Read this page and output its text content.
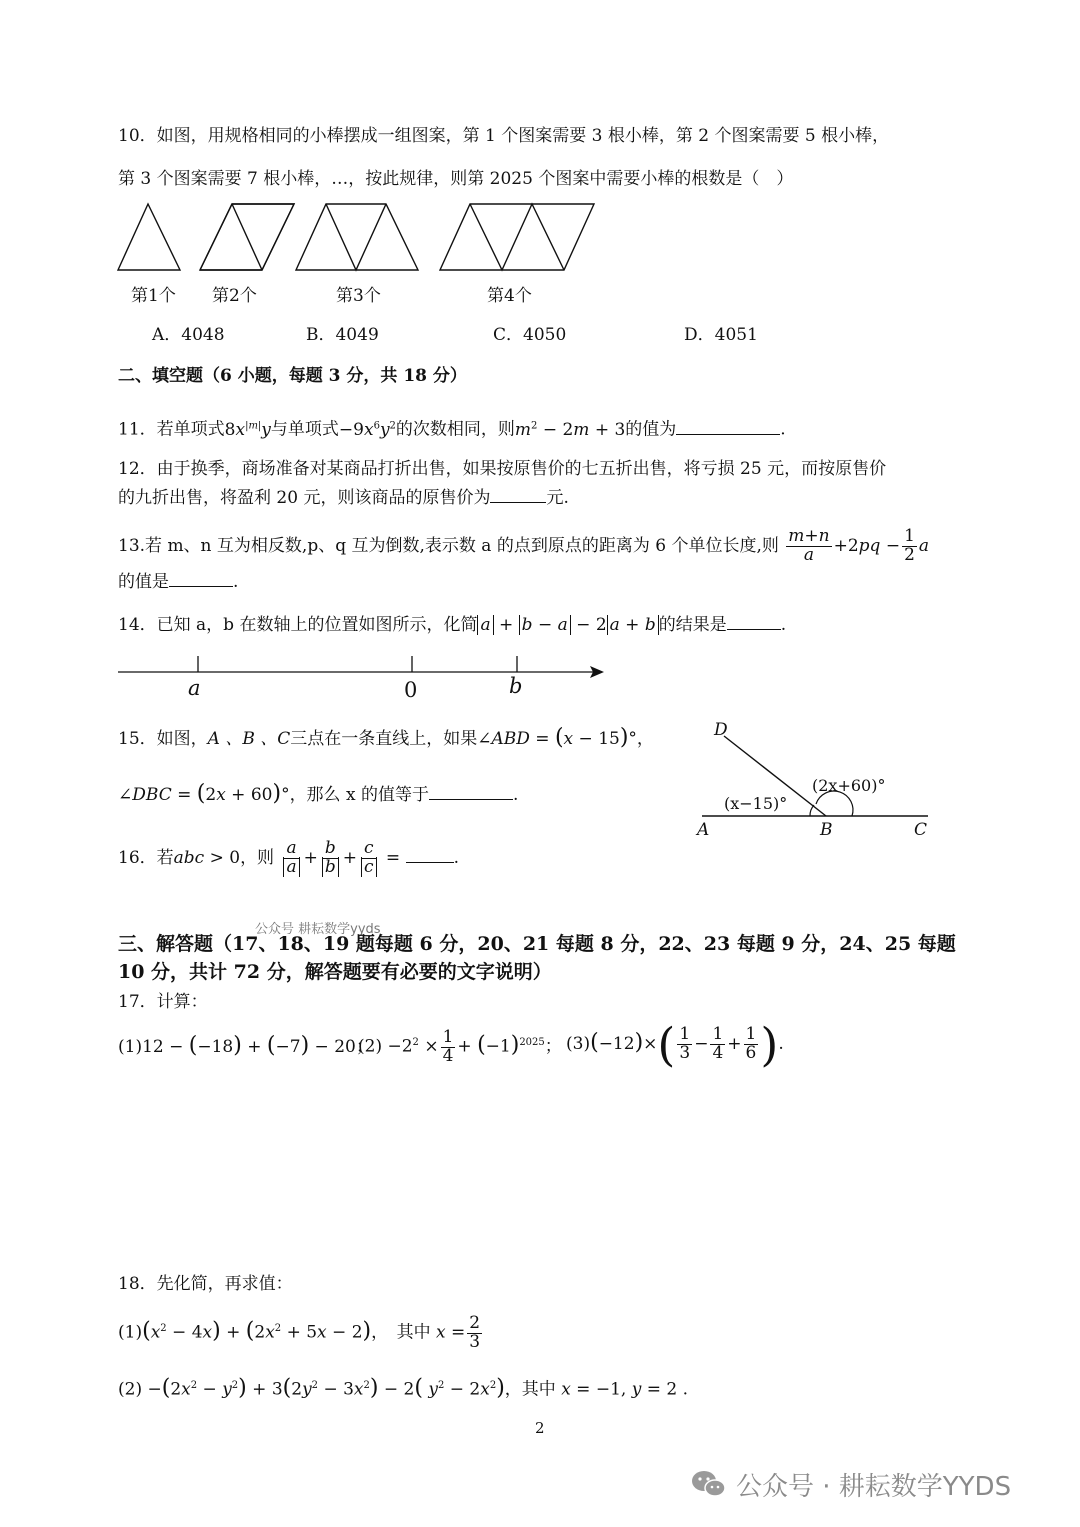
10．如图，用规格相同的小棒摆成一组图案，第 1 个图案需要 3 根小棒，第 2 个图案需要 5 根小棒，
第 3 个图案需要 7 根小棒，…，按此规律，则第 2025 个图案中需要小棒的根数是（　）
第1个 第2个	第3个	第4个
A．4048	B．4049	C．4050	D．4051
二、填空题（6 小题，每题 3 分，共 18 分）
11．若单项式$8x^{|m|}y$与单项式$-9x^6y^2$的次数相同，则$m^2 - 2m + 3$的值为	.
12．由于换季，商场准备对某商品打折出售，如果按原售价的七五折出售，将亏损 25 元，而按原售价
的九折出售，将盈利 20 元，则该商品的原售价为	元.
13.若 m、n 互为相反数,p、q 互为倒数,表示数 a 的点到原点的距离为 6 个单位长度,则 $\frac{m+n}{a} +2pq - \frac{1}{2}$ a
的值是	.
14．已知 a，b 在数轴上的位置如图所示，化简 a + b − a − 2 a + b 的结果是	.
a	0	b
15．如图，A 、B 、C三点在一条直线上，如果∠ABD = (x − 15)°，
∠DBC = (2x + 60)°，那么 x 的值等于	.
D
A	B	C
(x−15)°
(2x+60)°
16．若abc > 0，则 $\frac{a}{a} + \frac{b}{b} + \frac{c}{c}$ =	.
公众号 耕耘数学yyds
三、解答题（17、18、19 题每题 6 分，20、21 每题 8 分，22、23 每题 9 分，24、25 每题
10 分，共计 72 分，解答题要有必要的文字说明）
17．计算：
(1)12 − (−18) + (−7) − 20；
$(2) -2^2 \times \frac{1}{4} + (-1)^{2025}$； $(3)(-12)\times( \frac{1}{3} - \frac{1}{4} + \frac{1}{6}$ ).
18．先化简，再求值：
$(1)(x^2 - 4x) + (2x^2 + 5x - 2)$，　其中 $x = \frac{2}{3}$
$(2) -(2x^2 - y^2) + 3(2y^2 - 3x^2) - 2$( $y^2 - 2x^2$)，其中 x = −1, y = 2 .
2
公众号 · 耕耘数学YYDS
